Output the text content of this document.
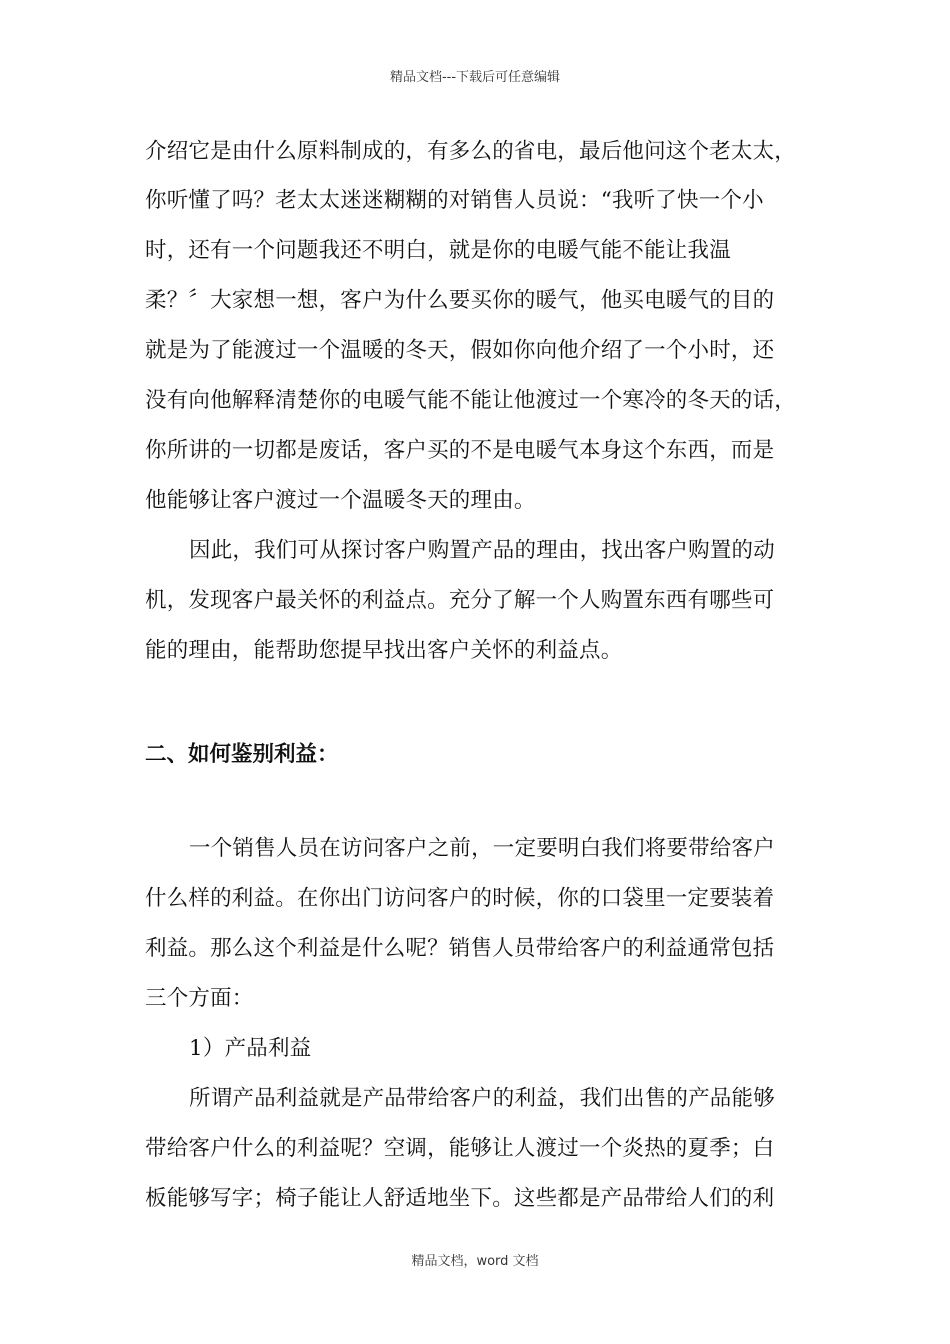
精品文档---下载后可任意编辑
介绍它是由什么原料制成的，有多么的省电，最后他问这个老太太，
你听懂了吗？老太太迷迷糊糊的对销售人员说：“我听了快一个小
时，还有一个问题我还不明白，就是你的电暖气能不能让我温
柔？〞大家想一想，客户为什么要买你的暖气，他买电暖气的目的
就是为了能渡过一个温暖的冬天，假如你向他介绍了一个小时，还
没有向他解释清楚你的电暖气能不能让他渡过一个寒冷的冬天的话，
你所讲的一切都是废话，客户买的不是电暖气本身这个东西，而是
他能够让客户渡过一个温暖冬天的理由。
因此，我们可从探讨客户购置产品的理由，找出客户购置的动
机，发现客户最关怀的利益点。充分了解一个人购置东西有哪些可
能的理由，能帮助您提早找出客户关怀的利益点。
二、如何鉴别利益：
一个销售人员在访问客户之前，一定要明白我们将要带给客户
什么样的利益。在你出门访问客户的时候，你的口袋里一定要装着
利益。那么这个利益是什么呢？销售人员带给客户的利益通常包括
三个方面：
1）产品利益
所谓产品利益就是产品带给客户的利益，我们出售的产品能够
带给客户什么的利益呢？空调，能够让人渡过一个炎热的夏季；白
板能够写字；椅子能让人舒适地坐下。这些都是产品带给人们的利
精品文档，word 文档
